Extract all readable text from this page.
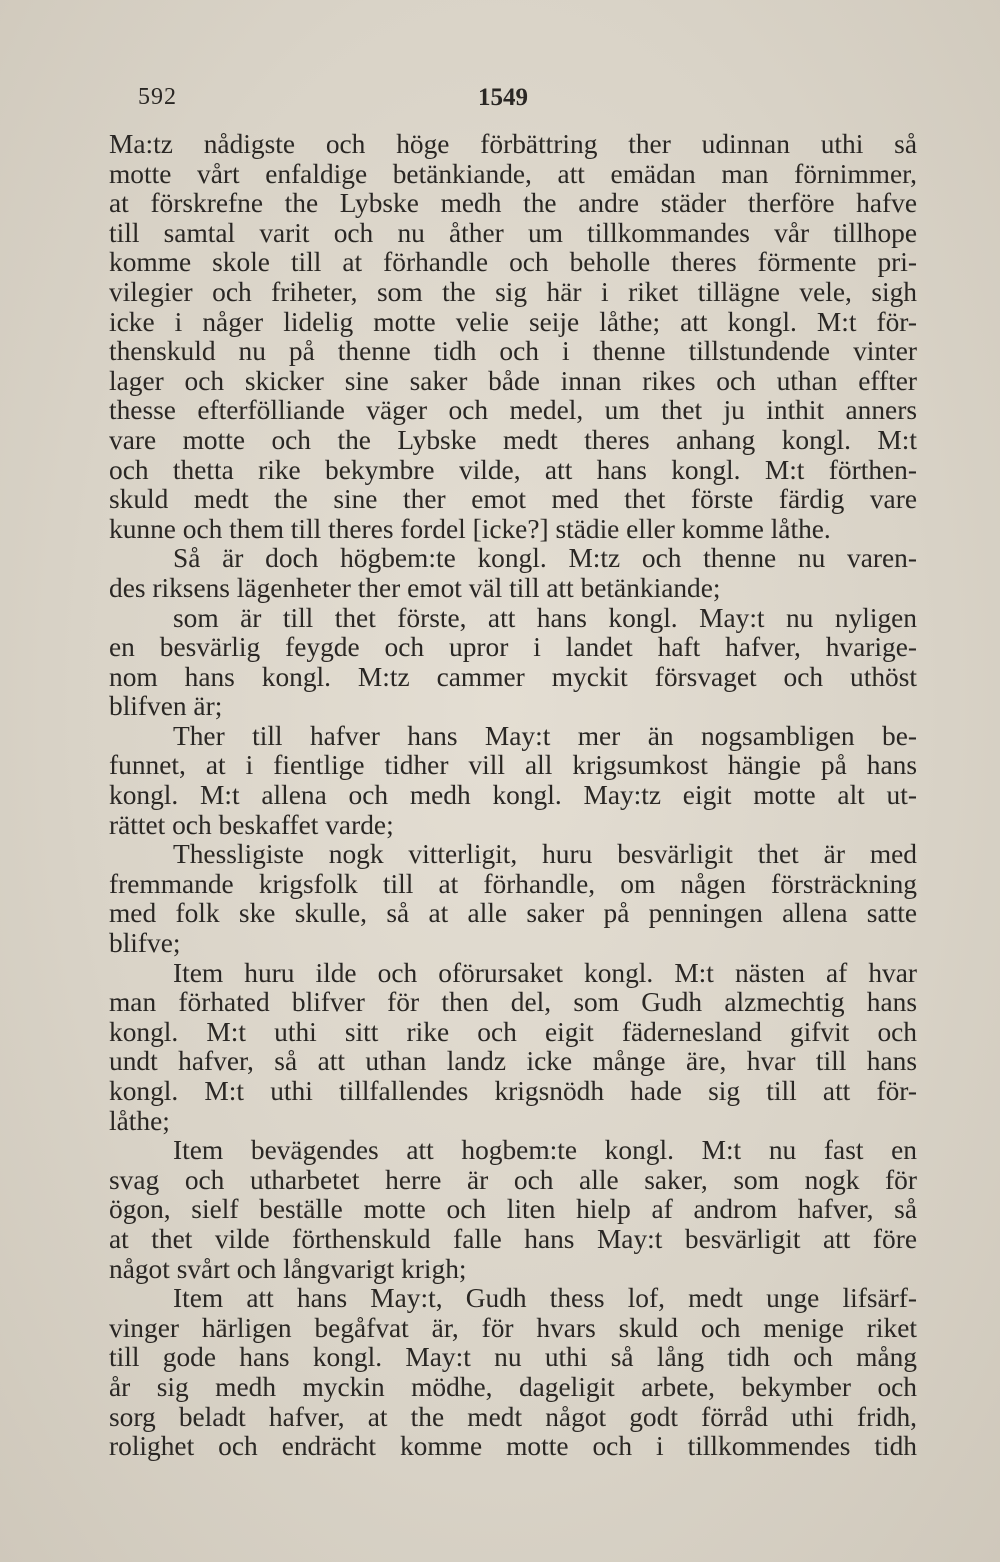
592	1549
Ma:tz nådigste och höge förbättring ther udinnan uthi så
motte vårt enfaldige betänkiande, att emädan man förnimmer,
at förskrefne the Lybske medh the andre städer therföre hafve
till samtal varit och nu åther um tillkommandes vår tillhope
komme skole till at förhandle och beholle theres förmente pri-
vilegier och friheter, som the sig här i riket tillägne vele, sigh
icke i någer lidelig motte velie seije låthe; att kongl. M:t för-
thenskuld nu på thenne tidh och i thenne tillstundende vinter
lager och skicker sine saker både innan rikes och uthan effter
thesse efterfölliande väger och medel, um thet ju inthit anners
vare motte och the Lybske medt theres anhang kongl. M:t
och thetta rike bekymbre vilde, att hans kongl. M:t förthen-
skuld medt the sine ther emot med thet förste färdig vare
kunne och them till theres fordel [icke?] städie eller komme låthe.
Så är doch högbem:te kongl. M:tz och thenne nu varen-
des riksens lägenheter ther emot väl till att betänkiande;
som är till thet förste, att hans kongl. May:t nu nyligen
en besvärlig feygde och upror i landet haft hafver, hvarige-
nom hans kongl. M:tz cammer myckit försvaget och uthöst
blifven är;
Ther till hafver hans May:t mer än nogsambligen be-
funnet, at i fientlige tidher vill all krigsumkost hängie på hans
kongl. M:t allena och medh kongl. May:tz eigit motte alt ut-
rättet och beskaffet varde;
Thessligiste nogk vitterligit, huru besvärligit thet är med
fremmande krigsfolk till at förhandle, om någen försträckning
med folk ske skulle, så at alle saker på penningen allena satte
blifve;
Item huru ilde och oförursaket kongl. M:t nästen af hvar
man förhated blifver för then del, som Gudh alzmechtig hans
kongl. M:t uthi sitt rike och eigit fädernesland gifvit och
undt hafver, så att uthan landz icke månge äre, hvar till hans
kongl. M:t uthi tillfallendes krigsnödh hade sig till att för-
låthe;
Item bevägendes att hogbem:te kongl. M:t nu fast en
svag och utharbetet herre är och alle saker, som nogk för
ögon, sielf beställe motte och liten hielp af androm hafver, så
at thet vilde förthenskuld falle hans May:t besvärligit att före
något svårt och långvarigt krigh;
Item att hans May:t, Gudh thess lof, medt unge lifsärf-
vinger härligen begåfvat är, för hvars skuld och menige riket
till gode hans kongl. May:t nu uthi så lång tidh och mång
år sig medh myckin mödhe, dageligit arbete, bekymber och
sorg beladt hafver, at the medt något godt förråd uthi fridh,
rolighet och endrächt komme motte och i tillkommendes tidh
